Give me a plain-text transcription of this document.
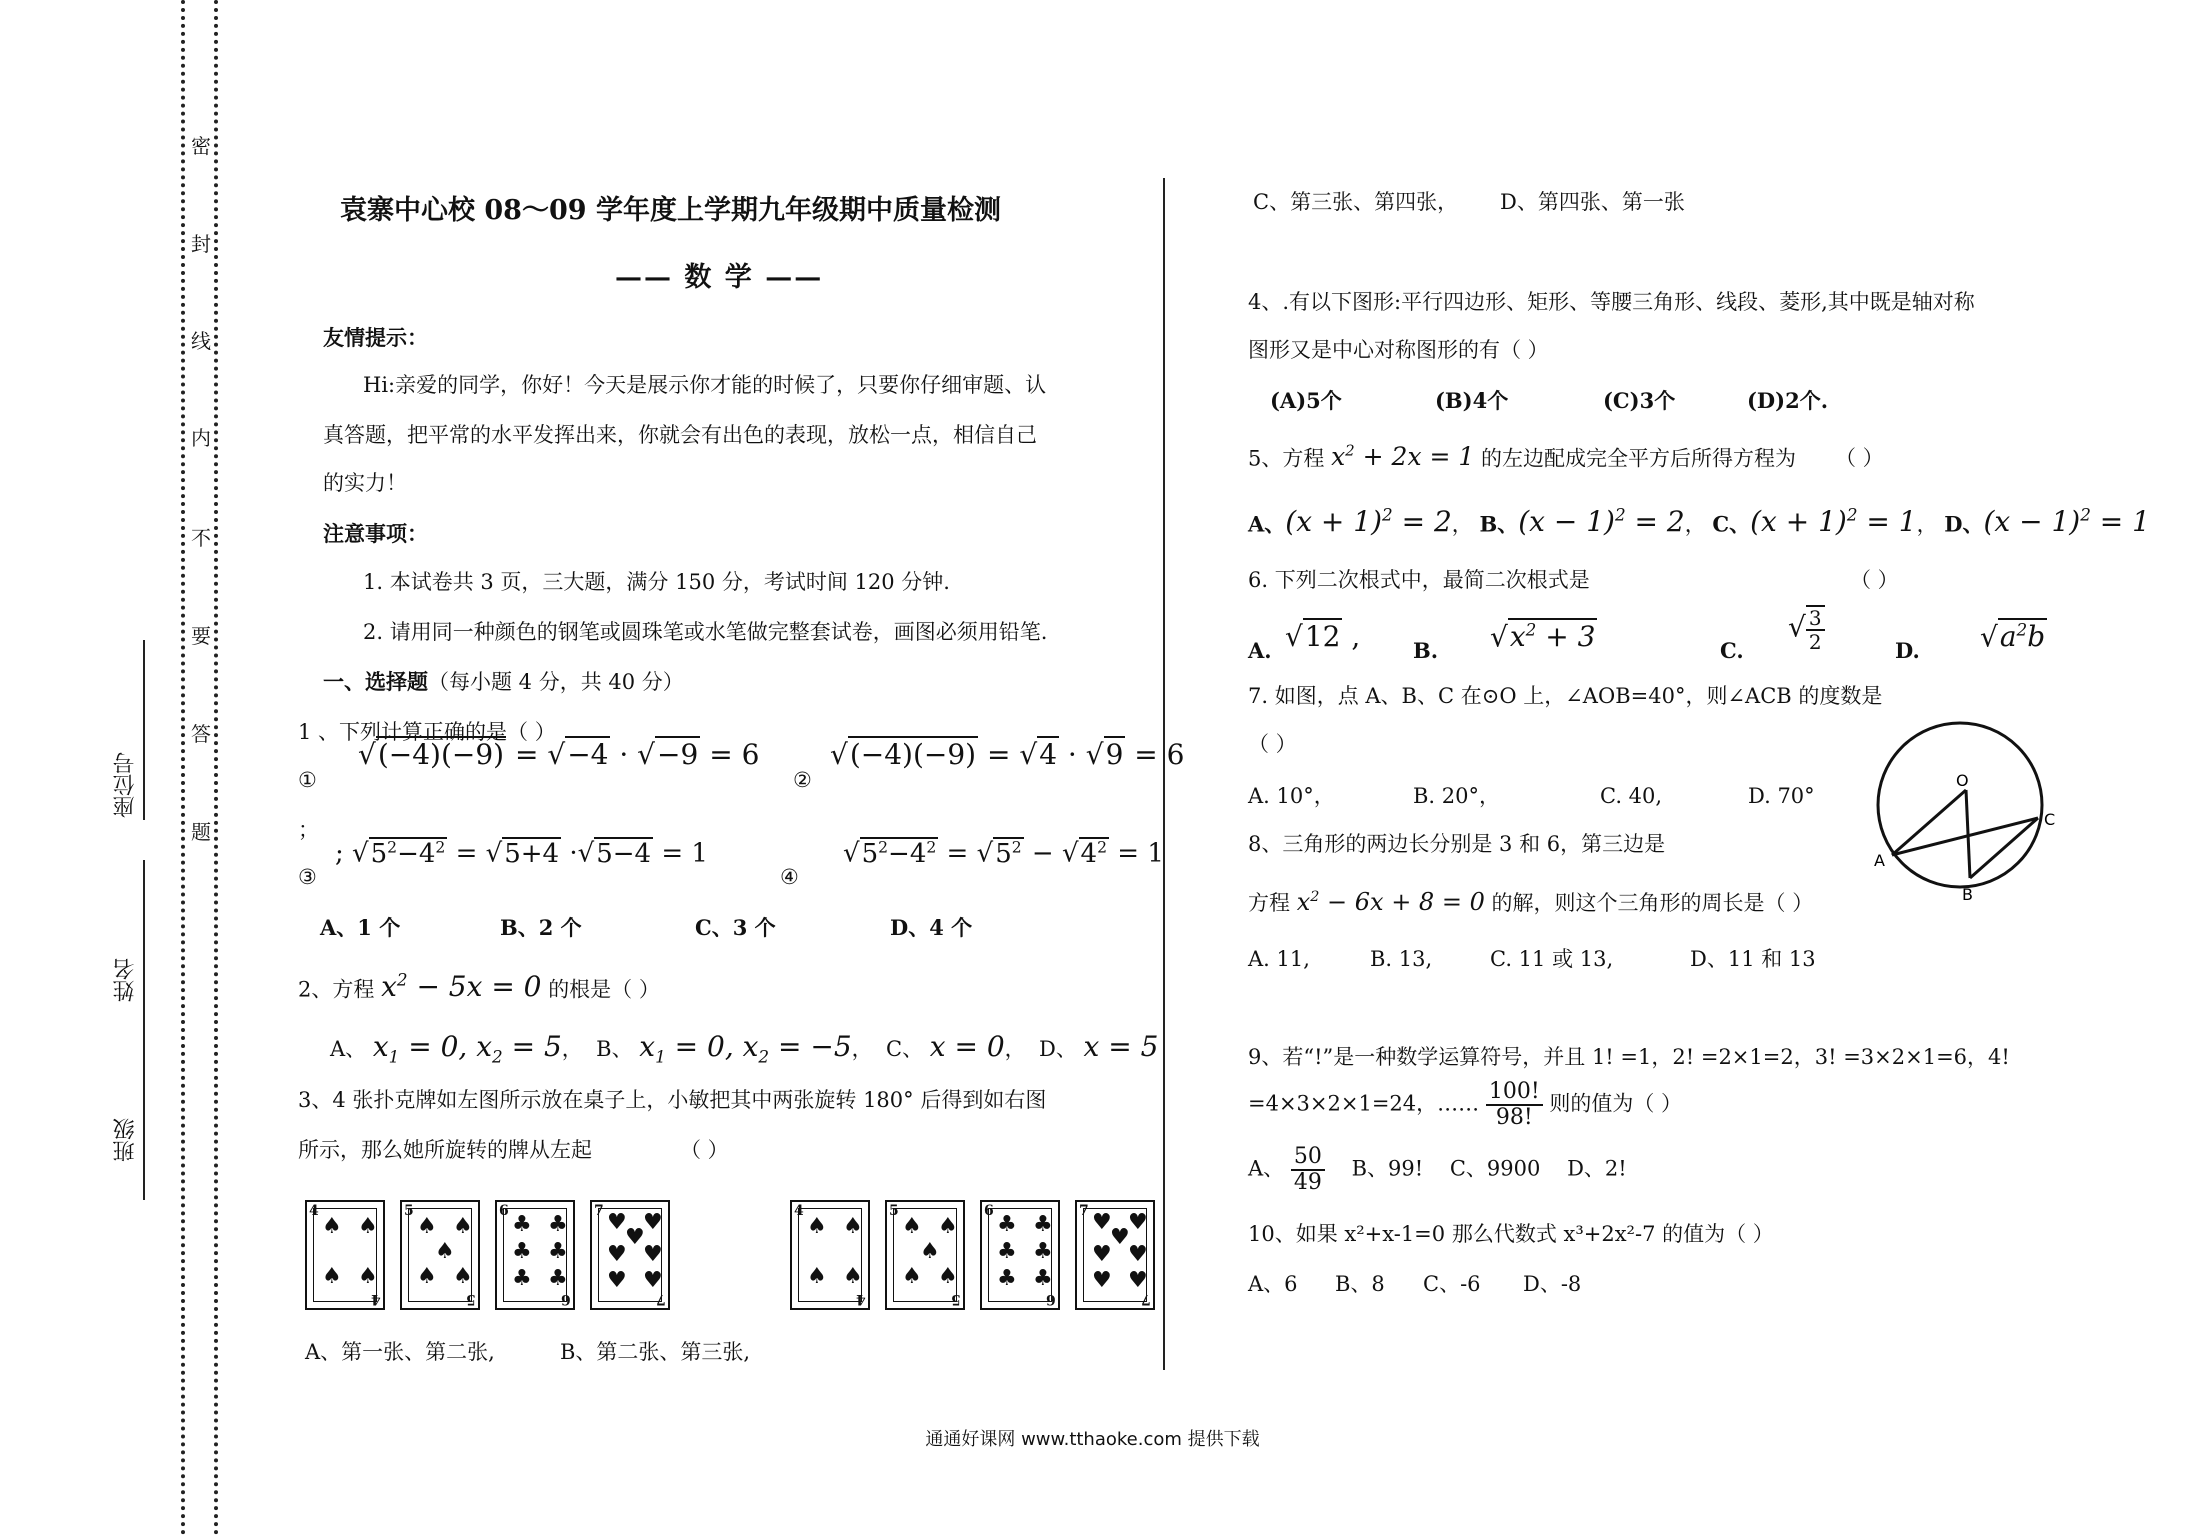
密
封
线
内
不
要
答
题
座位号
姓名
班级
袁寨中心校 08～09 学年度上学期九年级期中质量检测
—— 数 学 ——
友情提示：
Hi:亲爱的同学，你好！今天是展示你才能的时候了，只要你仔细审题、认
真答题，把平常的水平发挥出来，你就会有出色的表现，放松一点，相信自己
的实力！
注意事项：
1. 本试卷共 3 页，三大题，满分 150 分，考试时间 120 分钟.
2. 请用同一种颜色的钢笔或圆珠笔或水笔做完整套试卷，画图必须用铅笔.
一、选择题（每小题 4 分，共 40 分）
1 、下列计算正确的是（ ）
①
√(−4)(−9) = √−4 · √−9 = 6
②
√(−4)(−9) = √4 · √9 = 6
；
③
; $√5^2-4^2 = √5+4 \cdot√5-4 = 1$
④
$√5^2-4^2 = √5^2 - √4^2 = 1$
A、1 个	B、2 个	C、3 个	D、4 个
2、方程 $x^2 - 5x = 0$ 的根是（ ）
A、 $x_1 = 0$, $x_2 = 5$，  B、 $x_1 = 0$, $x_2 = -5$，  C、 x = 0，  D、 x = 5
3、4 张扑克牌如左图所示放在桌子上，小敏把其中两张旋转 180° 后得到如右图
所示，那么她所旋转的牌从左起	（ ）
4
4
♠ ♠
♠ ♠
5
5
♠ ♠
♠
♠ ♠
6
6
♣ ♣
♣ ♣
♣ ♣
7
7
♥ ♥
♥
♥ ♥
♥ ♥
4
4
♠ ♠
♠ ♠
5
5
♠ ♠
♠
♠ ♠
6
6
♣ ♣
♣ ♣
♣ ♣
7
7
♥ ♥
♥
♥ ♥
♥ ♥
A、第一张、第二张,	B、第二张、第三张,
C、第三张、第四张， D、第四张、第一张
4、.有以下图形:平行四边形、矩形、等腰三角形、线段、菱形,其中既是轴对称
图形又是中心对称图形的有（ ）
(A)5个	(B)4个	(C)3个	(D)2个.
5、方程 $x^2 + 2x = 1$ 的左边配成完全平方后所得方程为 （ ）
A、$(x + 1)^2 = 2$， B、$(x - 1)^2 = 2$， C、$(x + 1)^2 = 1$， D、$(x - 1)^2 = 1$
6. 下列二次根式中，最简二次根式是	（ ）
A. √12 ,	B. $√x^2 + 3$	C.
√ $\frac{3}{2}$	D. $√a^2b$
7. 如图，点 A、B、C 在⊙O 上，∠AOB=40°，则∠ACB 的度数是
（ ）
A. 10°，	B. 20°，	C. 40,	D. 70°
O
A
B
C
8、三角形的两边长分别是 3 和 6，第三边是
方程 $x^2 - 6x + 8 = 0$ 的解，则这个三角形的周长是（ ）
A. 11,	B. 13,	C. 11 或 13,	D、11 和 13
9、若“!”是一种数学运算符号，并且 1! =1，2! =2×1=2，3! =3×2×1=6，4!
=4×3×2×1=24，…… $\frac{100!}{98!}$ 则的值为（ ）
A、 $\frac{50}{49}$ B、99! C、9900 D、2!
10、如果 x²+x-1=0 那么代数式 x³+2x²-7 的值为（ ）
A、6 B、8 C、-6 D、-8
通通好课网 www.tthaoke.com 提供下载
